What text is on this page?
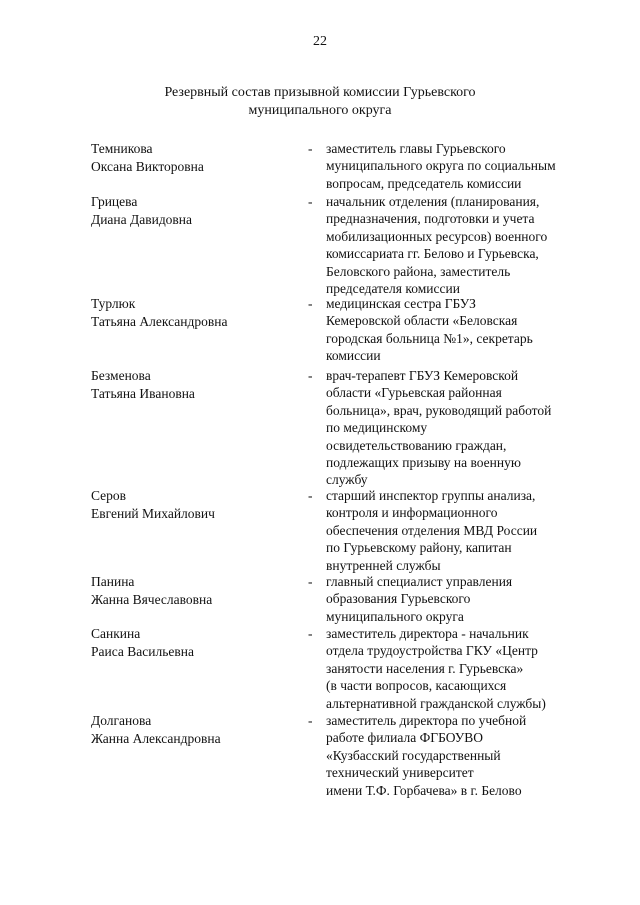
22
Резервный состав призывной комиссии Гурьевского
муниципального округа
Темникова
Оксана Викторовна
- заместитель главы Гурьевского
муниципального округа по социальным
вопросам, председатель комиссии
Грицева
Диана Давидовна
- начальник отделения (планирования,
предназначения, подготовки и учета
мобилизационных ресурсов) военного
комиссариата гг. Белово и Гурьевска,
Беловского района, заместитель
председателя комиссии
Турлюк
Татьяна Александровна
- медицинская сестра ГБУЗ
Кемеровской области «Беловская
городская больница №1», секретарь
комиссии
Безменова
Татьяна Ивановна
- врач-терапевт ГБУЗ Кемеровской
области «Гурьевская районная
больница», врач, руководящий работой
по медицинскому
освидетельствованию граждан,
подлежащих призыву на военную
службу
Серов
Евгений Михайлович
- старший инспектор группы анализа,
контроля и информационного
обеспечения отделения МВД России
по Гурьевскому району, капитан
внутренней службы
Панина
Жанна Вячеславовна
- главный специалист управления
образования Гурьевского
муниципального округа
Санкина
Раиса Васильевна
- заместитель директора - начальник
отдела трудоустройства ГКУ «Центр
занятости населения г. Гурьевска»
(в части вопросов, касающихся
альтернативной гражданской службы)
Долганова
Жанна Александровна
- заместитель директора по учебной
работе филиала ФГБОУВО
«Кузбасский государственный
технический университет
имени Т.Ф. Горбачева» в г. Белово
